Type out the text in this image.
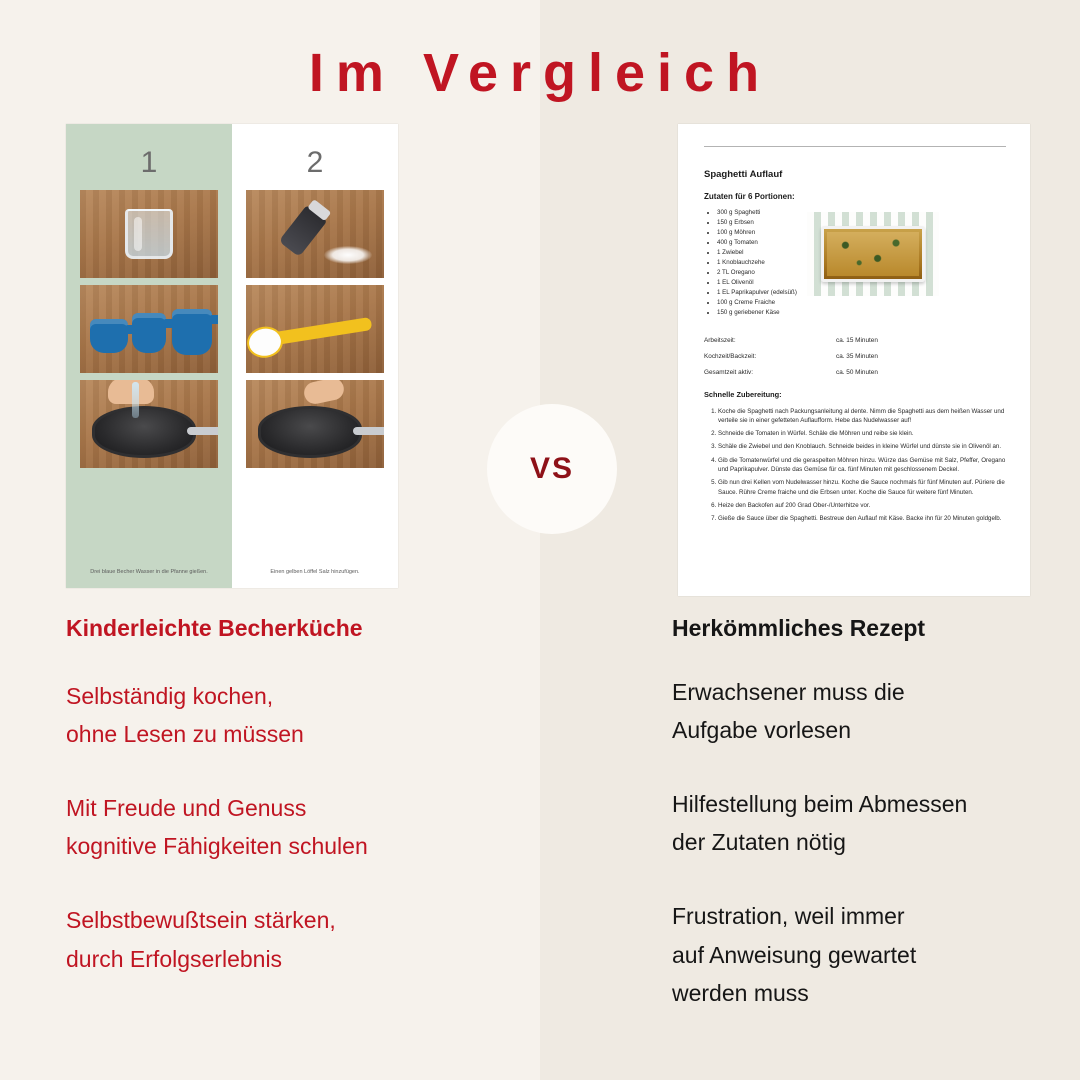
Im Vergleich
1
Drei blaue Becher Wasser in die Pfanne gießen.
2
Einen gelben Löffel Salz hinzufügen.
Spaghetti Auflauf
Zutaten für 6 Portionen:
• 300 g Spaghetti
• 150 g Erbsen
• 100 g Möhren
• 400 g Tomaten
• 1 Zwiebel
• 1 Knoblauchzehe
• 2 TL Oregano
• 1 EL Olivenöl
• 1 EL Paprikapulver (edelsüß)
• 100 g Creme Fraiche
• 150 g geriebener Käse
Arbeitszeit:	ca. 15 Minuten
Kochzeit/Backzeit:	ca. 35 Minuten
Gesamtzeit aktiv:	ca. 50 Minuten
Schnelle Zubereitung:
1. Koche die Spaghetti nach Packungsanleitung al dente. Nimm die Spaghetti aus dem heißen Wasser und verteile sie in einer gefetteten Auflaufform. Hebe das Nudelwasser auf!
2. Schneide die Tomaten in Würfel. Schäle die Möhren und reibe sie klein.
3. Schäle die Zwiebel und den Knoblauch. Schneide beides in kleine Würfel und dünste sie in Olivenöl an.
4. Gib die Tomatenwürfel und die geraspelten Möhren hinzu. Würze das Gemüse mit Salz, Pfeffer, Oregano und Paprikapulver. Dünste das Gemüse für ca. fünf Minuten mit geschlossenem Deckel.
5. Gib nun drei Kellen vom Nudelwasser hinzu. Koche die Sauce nochmals für fünf Minuten auf. Püriere die Sauce. Rühre Creme fraiche und die Erbsen unter. Koche die Sauce für weitere fünf Minuten.
6. Heize den Backofen auf 200 Grad Ober-/Unterhitze vor.
7. Gieße die Sauce über die Spaghetti. Bestreue den Auflauf mit Käse. Backe ihn für 20 Minuten goldgelb.
VS
Kinderleichte Becherküche
Selbständig kochen,
ohne Lesen zu müssen
Mit Freude und Genuss
kognitive Fähigkeiten schulen
Selbstbewußtsein stärken,
durch Erfolgserlebnis
Herkömmliches Rezept
Erwachsener muss die
Aufgabe vorlesen
Hilfestellung beim Abmessen
der Zutaten nötig
Frustration, weil immer
auf Anweisung gewartet
werden muss
